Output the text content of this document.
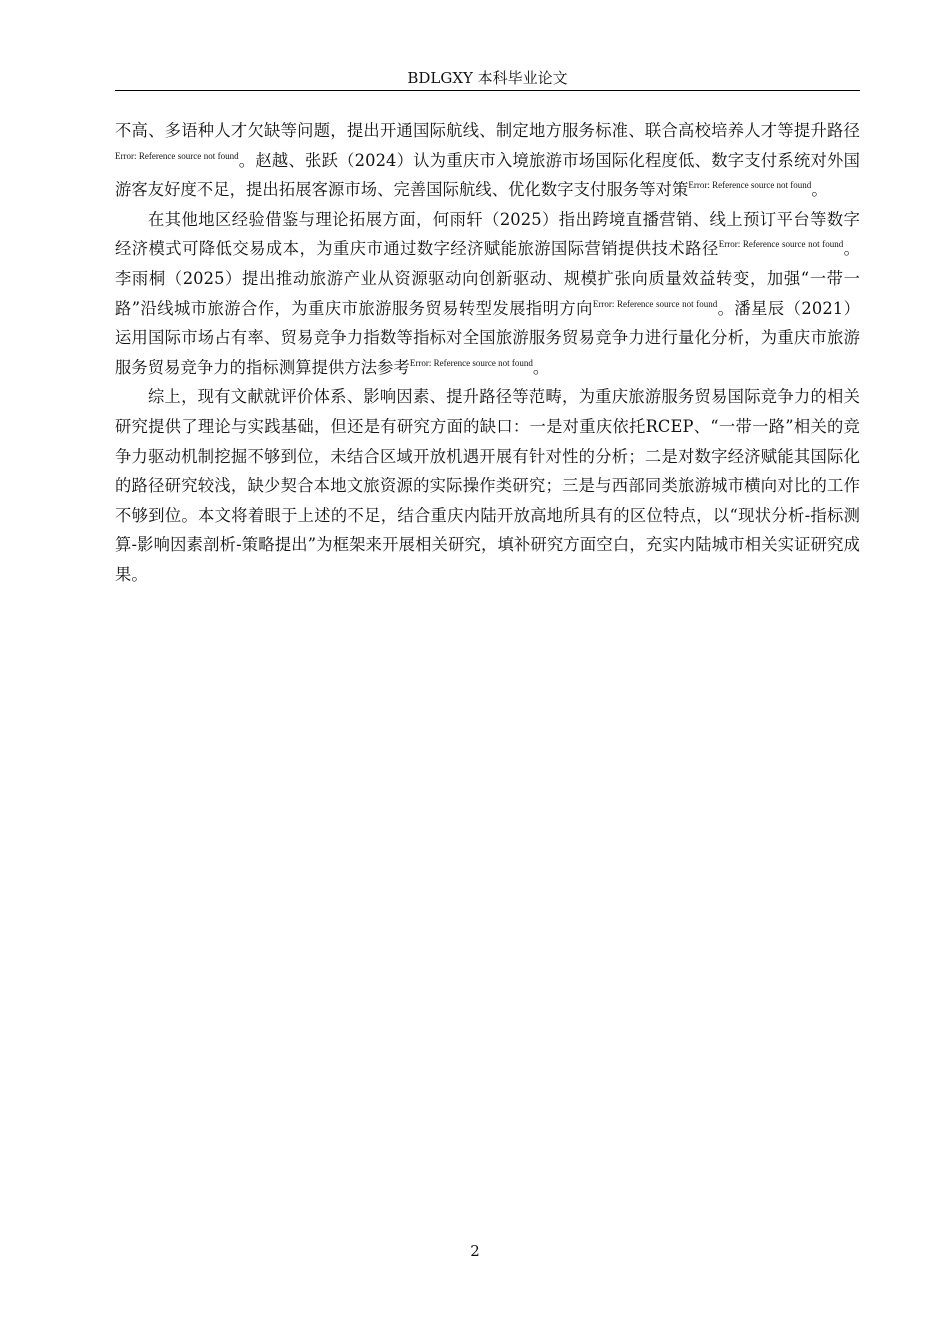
BDLGXY 本科毕业论文

不高、多语种人才欠缺等问题，提出开通国际航线、制定地方服务标准、联合高校培养人才等提升路径$^{Error: Reference source not found}$。赵越、张跃（2024）认为重庆市入境旅游市场国际化程度低、数字支付系统对外国游客友好度不足，提出拓展客源市场、完善国际航线、优化数字支付服务等对策$^{Error: Reference source not found}$。

在其他地区经验借鉴与理论拓展方面，何雨轩（2025）指出跨境直播营销、线上预订平台等数字经济模式可降低交易成本，为重庆市通过数字经济赋能旅游国际营销提供技术路径$^{Error: Reference source not found}$。李雨桐（2025）提出推动旅游产业从资源驱动向创新驱动、规模扩张向质量效益转变，加强“一带一路”沿线城市旅游合作，为重庆市旅游服务贸易转型发展指明方向$^{Error: Reference source not found}$。潘星辰（2021）运用国际市场占有率、贸易竞争力指数等指标对全国旅游服务贸易竞争力进行量化分析，为重庆市旅游服务贸易竞争力的指标测算提供方法参考$^{Error: Reference source not found}$。

综上，现有文献就评价体系、影响因素、提升路径等范畴，为重庆旅游服务贸易国际竞争力的相关研究提供了理论与实践基础，但还是有研究方面的缺口：一是对重庆依托RCEP、“一带一路”相关的竞争力驱动机制挖掘不够到位，未结合区域开放机遇开展有针对性的分析；二是对数字经济赋能其国际化的路径研究较浅，缺少契合本地文旅资源的实际操作类研究；三是与西部同类旅游城市横向对比的工作不够到位。本文将着眼于上述的不足，结合重庆内陆开放高地所具有的区位特点，以“现状分析-指标测算-影响因素剖析-策略提出”为框架来开展相关研究，填补研究方面空白，充实内陆城市相关实证研究成果。

2
